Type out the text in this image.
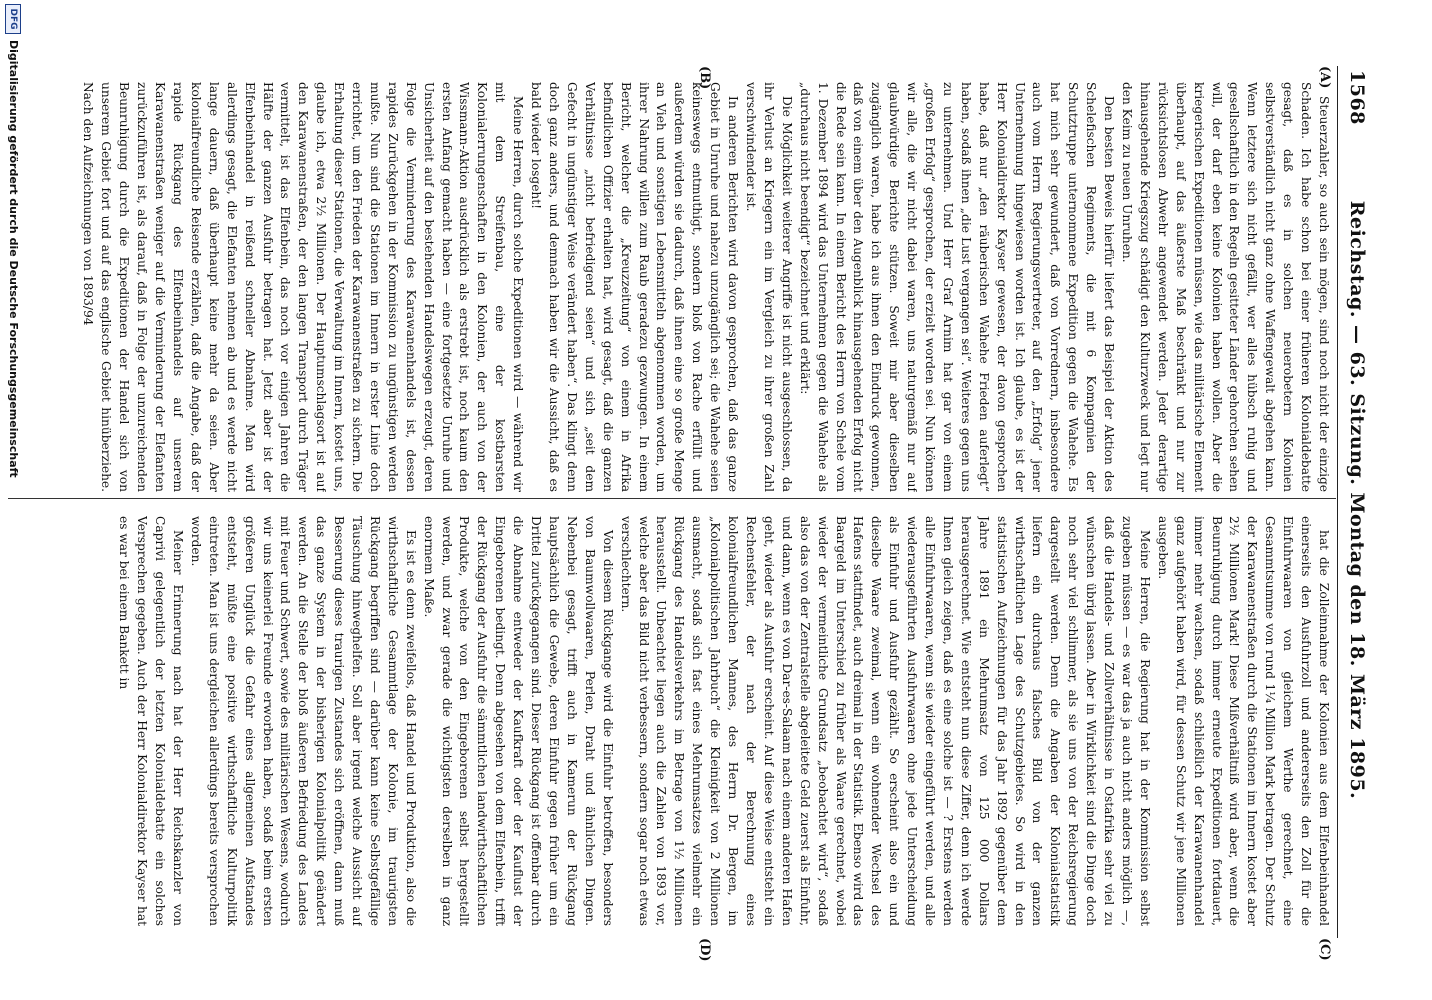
1568
Reichstag. — 63. Sitzung. Montag den 18. März 1895.
(A)
(B)
(C)
(D)

Steuerzahler, so auch sein mögen, sind noch nicht der einzige Schaden. Ich habe schon bei einer früheren Kolonialdebatte gesagt, daß es in solchen neuerobetern Kolonien selbstverständlich nicht ganz ohne Waffengewalt abgehen kann. Wenn letztere sich nicht gefällt, wer alles hübsch ruhig und gesellschaftlich in den Regeln gesitteter Länder gehorchen sehen will, der darf eben keine Kolonien haben wollen. Aber die kriegerischen Expeditionen müssen, wie das militärische Element überhaupt, auf das äußerste Maß beschränkt und nur zur rücksichtslosen Abwehr angewendet werden. Jeder derartige hinausgehende Kriegszug schädigt den Kulturzweck und legt nur den Keim zu neuen Unruhen.

Den besten Beweis hierfür liefert das Beispiel der Aktion des Schelefischen Regiments, die mit 6 Kompagnien der Schutztruppe unternommene Expedition gegen die Wahehe. Es hat mich sehr gewundert, daß von Vorrednern, insbesondere auch vom Herrn Regierungsvertreter, auf den „Erfolg“ jener Unternehmung hingewiesen worden ist. Ich glaube, es ist der Herr Kolonialdirektor Kayser gewesen, der davon gesprochen habe, daß nur „den räuberischen Wahehe Frieden auferlegt“ haben, sodaß ihnen „die Lust vergangen sei“. Weiteres gegen uns zu unternehmen. Und Herr Graf Arnim hat gar von einem „großen Erfolg“ gesprochen, der erzielt worden sei. Nun können wir alle, die wir nicht dabei waren, uns naturgemäß nur auf glaubwürdige Berichte stützen. Soweit mir aber dieselben zugänglich waren, habe ich aus ihnen den Eindruck gewonnen, daß von einem über den Augenblick hinausgehenden Erfolg nicht die Rede sein kann. In einem Bericht des Herrn von Schele vom 1. Dezember 1894 wird das Unternehmen gegen die Wahehe als „durchaus nicht beendigt“ bezeichnet und erklärt:

Die Möglichkeit weiterer Angriffe ist nicht ausgeschlossen, da ihr Verlust an Kriegern ein im Vergleich zu ihrer großen Zahl verschwindender ist.

In anderen Berichten wird davon gesprochen, daß das ganze Gebiet in Unruhe und nahezu unzugänglich sei; die Wahehe seien keineswegs entmuthigt, sondern bloß von Rache erfüllt und außerdem würden sie dadurch, daß ihnen eine so große Menge an Vieh und sonstigen Lebensmitteln abgenommen worden, um ihrer Nahrung willen zum Raub geradezu gezwungen. In einem Bericht, welcher die „Kreuzzeitung“ von einem in Afrika befindlichen Offizier erhalten hat, wird gesagt, daß die ganzen Verhältnisse „nicht befriedigend seien“ und sich „seit dem Gefecht in ungünstiger Weise verändert haben“. Das klingt denn doch ganz anders, und demnach haben wir die Aussicht, daß es bald wieder losgeht!

Meine Herren, durch solche Expeditionen wird — während wir mit dem Streifenbau, eine der kostbarsten Kolonialerrungenschaften in den Kolonien, der auch von der Wissmann-Aktion ausdrücklich als erstrebt ist, noch kaum den ersten Anfang gemacht haben — eine fortgesetzte Unruhe und Unsicherheit auf den bestehenden Handelswegen erzeugt, deren Folge die Verminderung des Karawanenhandels ist, dessen rapides Zurückgehen in der Kommission zu ungünstigen werden mußte. Nun sind die Stationen im Innern in erster Linie doch errichtet, um den Frieden der Karawanenstraßen zu sichern. Die Erhaltung dieser Stationen, die Verwaltung im Innern, kostet uns, glaube ich, etwa 2½ Millionen. Der Hauptumschlagsort ist auf den Karawanenstraßen, der den langen Transport durch Träger vermittelt, ist das Elfenbein, das noch vor einigen Jahren die Hälfte der ganzen Ausfuhr betragen hat. Jetzt aber ist der Elfenbeinhandel in reißend schneller Abnahme. Man wird allerdings gesagt, die Elefanten nehmen ab und es werde nicht lange dauern, daß überhaupt keine mehr da seien. Aber kolonialfreundliche Reisende erzählen, daß die Angabe, daß der rapide Rückgang des Elfenbeinhandels auf unserem Karawanenstraßen weniger auf die Verminderung der Elefanten zurückzuführen ist, als darauf, daß in Folge der unzureichenden Beunruhigung durch die Expeditionen der Handel sich von unserem Gebiet fort und auf das englische Gebiet hinüberziehe. Nach den Aufzeichnungen von 1893/94

hat die Zolleinnahme der Kolonien aus dem Elfenbeinhandel einerseits den Ausfuhrzoll und andererseits den Zoll für die Einfuhrwaaren von gleichem Werthe gerechnet, eine Gesammtsumme von rund 1¼ Million Mark betragen. Der Schutz der Karawanenstraßen durch die Stationen im Innern kostet aber 2½ Millionen Mark! Diese Mißverhältniß wird aber, wenn die Beunruhigung durch immer erneute Expeditionen fortdauert, immer mehr wachsen, sodaß schließlich der Karawanenhandel ganz aufgehört haben wird, für dessen Schutz wir jene Millionen ausgeben.

Meine Herren, die Regierung hat in der Kommission selbst zugeben müssen — es war das ja auch nicht anders möglich —, daß die Handels- und Zollverhältnisse in Ostafrika sehr viel zu wünschen übrig lassen. Aber in Wirklichkeit sind die Dinge doch noch sehr viel schlimmer, als sie uns von der Reichsregierung dargestellt werden. Denn die Angaben der Kolonialstatistik liefern ein durchaus falsches Bild von der ganzen wirthschaftlichen Lage des Schutzgebietes. So wird in den statistischen Aufzeichnungen für das Jahr 1892 gegenüber dem Jahre 1891 ein Mehrumsatz von 125 000 Dollars herausgerechnet. Wie entsteht nun diese Ziffer, denn ich werde Ihnen gleich zeigen, daß es eine solche ist — ? Erstens werden alle Einfuhrwaaren, wenn sie wieder eingeführt werden, und alle wiederausgeführten Ausfuhrwaaren ohne jede Unterscheidung als Einfuhr und Ausfuhr gezählt. So erscheint also ein und dieselbe Waare zweimal, wenn ein wohnender Wechsel des Hafens stattfindet, auch dreimal in der Statistik. Ebenso wird das Baargeld im Unterschied zu früher als Waare gerechnet, wobei wieder der vermeintliche Grundsatz „beobachtet wird“, sodaß also das von der Zentralstelle abgeleitete Geld zuerst als Einfuhr, und dann, wenn es von Dar-es-Salaam nach einem anderen Hafen geht, wieder als Ausfuhr erscheint. Auf diese Weise entsteht ein Rechensfehler, der nach der Berechnung eines kolonialfreundlichen Mannes, des Herrn Dr. Bergen, im „Kolonialpolitischen Jahrbuch“ die Kleinigkeit von 2 Millionen ausmacht, sodaß sich fast eines Mehrumsatzes vielmehr ein Rückgang des Handelsverkehrs im Betrage von 1½ Millionen herausstellt. Unbeachtet liegen auch die Zahlen von 1893 vor, welche aber das Bild nicht verbessern, sondern sogar noch etwas verschlechtern.

Von diesem Rückgange wird die Einfuhr betroffen, besonders von Baumwollwaaren, Perlen, Draht und ähnlichen Dingen. Nebenbei gesagt, trifft auch in Kamerun der Rückgang hauptsächlich die Gewebe, deren Einfuhr gegen früher um ein Drittel zurückgegangen sind. Dieser Rückgang ist offenbar durch die Abnahme entweder der Kaufkraft oder der Kauflust der Eingeborenen bedingt. Denn abgesehen von dem Elfenbein, trifft der Rückgang der Ausfuhr die sämmtlichen landwirthschaftlichen Produkte, welche von den Eingeborenen selbst hergestellt werden, und zwar gerade die wichtigsten derselben in ganz enormem Maße.

Es ist es denn zweifellos, daß Handel und Produktion, also die wirthschaftliche Gesammtlage der Kolonie, im traurigsten Rückgang begriffen sind — darüber kann keine Selbstgefällige Täuschung hinweghelfen. Soll aber irgend welche Aussicht auf Besserung dieses traurigen Zustandes sich eröffnen, dann muß das ganze System in der bisherigen Kolonialpolitik geändert werden. An die Stelle der bloß äußeren Befriedung des Landes mit Feuer und Schwert, sowie des militärischen Wesens, wodurch wir uns keinerlei Freunde erworben haben, sodaß beim ersten größeren Unglück die Gefahr eines allgemeinen Aufstandes entsteht, müßte eine positive wirthschaftliche Kulturpolitik eintreten. Man ist uns dergleichen allerdings bereits versprochen worden.

Meiner Erinnerung nach hat der Herr Reichskanzler von Caprivi gelegentlich der letzten Kolonialdebatte ein solches Versprechen gegeben. Auch der Herr Kolonialdirektor Kayser hat es war bei einem Bankett in

DFG
Digitalisierung gefördert durch die Deutsche Forschungsgemeinschaft
